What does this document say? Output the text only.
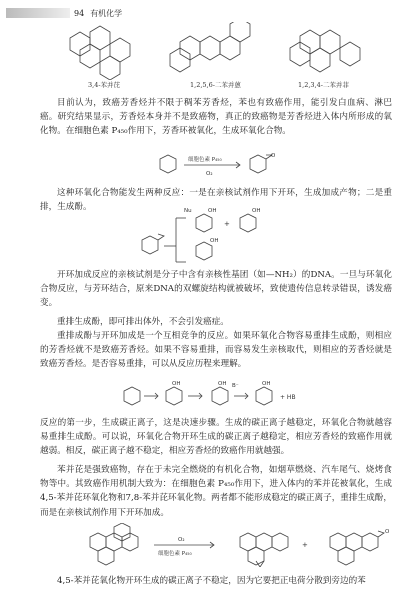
94 有机化学
3,4-苯并芘	1,2,5,6-二苯并蒽	1,2,3,4-二苯并菲
目前认为，致癌芳香烃并不限于稠苯芳香烃，苯也有致癌作用，能引发白血病、淋巴癌。研究结果显示，芳香烃本身并不是致癌物，真正的致癌物是芳香烃进入体内所形成的氧化物。在细胞色素 P₄₅₀作用下，芳香环被氧化，生成环氧化合物。
细胞色素 P₄₅₀
O₂
O
这种环氧化合物能发生两种反应：一是在亲核试剂作用下开环，生成加成产物；二是重排，生成酚。	Nu	OH
+
OH
OH
开环加成反应的亲核试剂是分子中含有亲核性基团（如—NH₂）的DNA。一旦与环氧化合物反应，与芳环结合，原来DNA的双螺旋结构就被破坏，致使遗传信息转录错误，诱发癌变。
重排生成酚，即可排出体外，不会引发癌症。
重排成酚与开环加成是一个互相竞争的反应。如果环氧化合物容易重排生成酚，则相应的芳香烃就不是致癌芳香烃。如果不容易重排，而容易发生亲核取代，则相应的芳香烃就是致癌芳香烃。是否容易重排，可以从反应历程来理解。
OH	OH B⁻	OH
+ HB
反应的第一步，生成碳正离子，这是决速步骤。生成的碳正离子越稳定，环氧化合物就越容易重排生成酚。可以说，环氧化合物开环生成的碳正离子越稳定，相应芳香烃的致癌作用就越弱。相反，碳正离子越不稳定，相应芳香烃的致癌作用就越强。
苯并芘是强致癌物，存在于未完全燃烧的有机化合物，如烟草燃烧、汽车尾气、烧烤食物等中。其致癌作用机制大致为：在细胞色素 P₄₅₀作用下，进入体内的苯并芘被氧化，生成4,5-苯并芘环氧化物和7,8-苯并芘环氧化物。两者都不能形成稳定的碳正离子，重排生成酚，而是在亲核试剂作用下开环加成。
O₂
细胞色素 P₄₅₀
+
O
4,5-苯并芘氧化物开环生成的碳正离子不稳定，因为它要把正电荷分散到旁边的苯
